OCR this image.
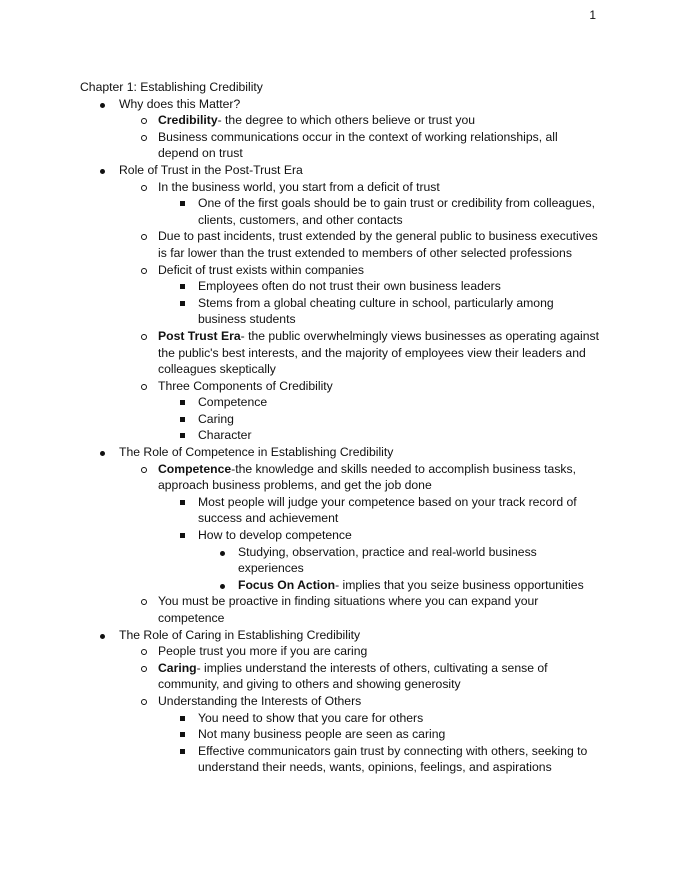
1
Chapter 1: Establishing Credibility
Why does this Matter?
Credibility- the degree to which others believe or trust you
Business communications occur in the context of working relationships, all depend on trust
Role of Trust in the Post-Trust Era
In the business world, you start from a deficit of trust
One of the first goals should be to gain trust or credibility from colleagues, clients, customers, and other contacts
Due to past incidents, trust extended by the general public to business executives is far lower than the trust extended to members of other selected professions
Deficit of trust exists within companies
Employees often do not trust their own business leaders
Stems from a global cheating culture in school, particularly among business students
Post Trust Era- the public overwhelmingly views businesses as operating against the public's best interests, and the majority of employees view their leaders and colleagues skeptically
Three Components of Credibility
Competence
Caring
Character
The Role of Competence in Establishing Credibility
Competence-the knowledge and skills needed to accomplish business tasks, approach business problems, and get the job done
Most people will judge your competence based on your track record of success and achievement
How to develop competence
Studying, observation, practice and real-world business experiences
Focus On Action- implies that you seize business opportunities
You must be proactive in finding situations where you can expand your competence
The Role of Caring in Establishing Credibility
People trust you more if you are caring
Caring- implies understand the interests of others, cultivating a sense of community, and giving to others and showing generosity
Understanding the Interests of Others
You need to show that you care for others
Not many business people are seen as caring
Effective communicators gain trust by connecting with others, seeking to understand their needs, wants, opinions, feelings, and aspirations
